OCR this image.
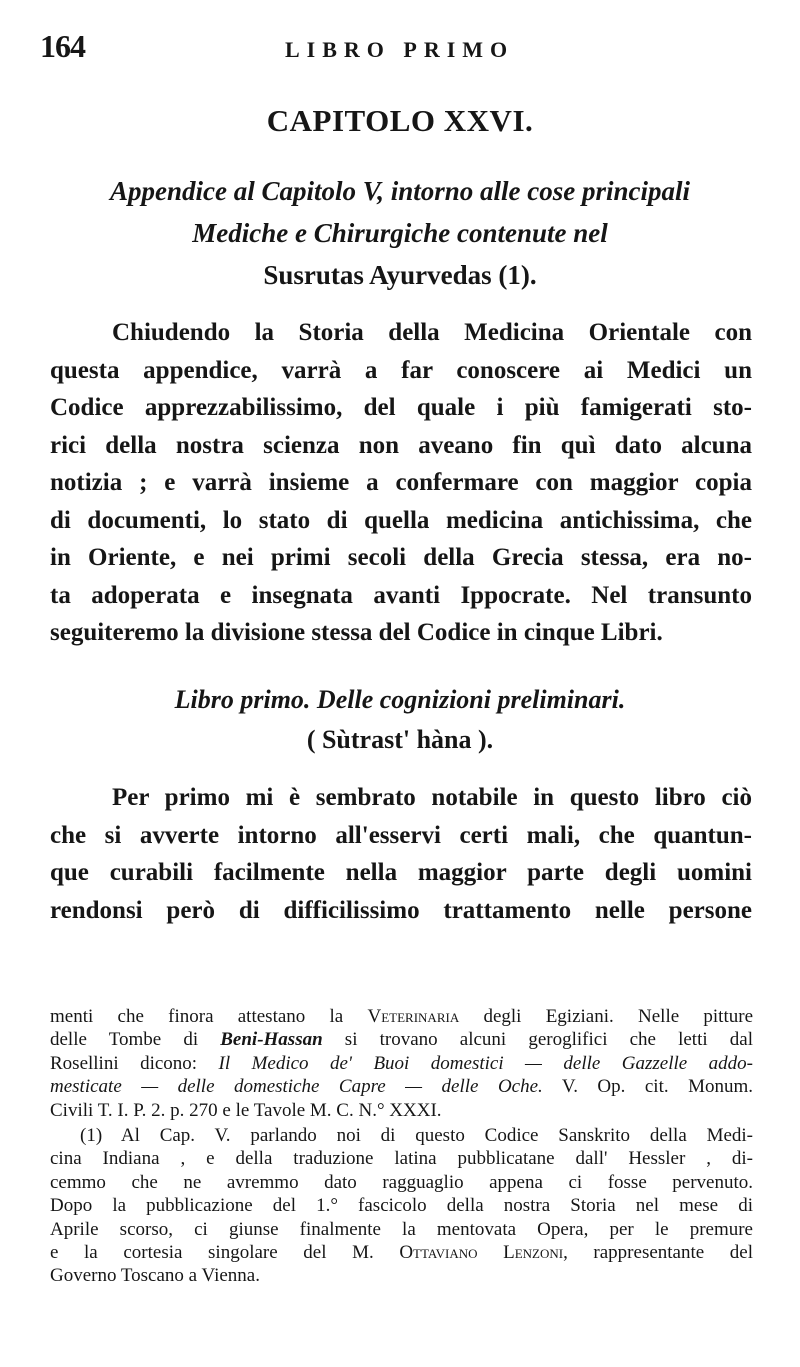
164	LIBRO PRIMO
CAPITOLO XXVI.
Appendice al Capitolo V, intorno alle cose principali
Mediche e Chirurgiche contenute nel
Susrutas Ayurvedas (1).
Chiudendo la Storia della Medicina Orientale con
questa appendice, varrà a far conoscere ai Medici un
Codice apprezzabilissimo, del quale i più famigerati sto-
rici della nostra scienza non aveano fin quì dato alcuna
notizia ; e varrà insieme a confermare con maggior copia
di documenti, lo stato di quella medicina antichissima, che
in Oriente, e nei primi secoli della Grecia stessa, era no-
ta adoperata e insegnata avanti Ippocrate. Nel transunto
seguiteremo la divisione stessa del Codice in cinque Libri.
Libro primo. Delle cognizioni preliminari.
( Sùtrast' hàna ).
Per primo mi è sembrato notabile in questo libro ciò
che si avverte intorno all'esservi certi mali, che quantun-
que curabili facilmente nella maggior parte degli uomini
rendonsi però di difficilissimo trattamento nelle persone
menti che finora attestano la Veterinaria degli Egiziani. Nelle pitture
delle Tombe di Beni-Hassan si trovano alcuni geroglifici che letti dal
Rosellini dicono: Il Medico de' Buoi domestici — delle Gazzelle addo-
mesticate — delle domestiche Capre — delle Oche. V. Op. cit. Monum.
Civili T. I. P. 2. p. 270 e le Tavole M. C. N.° XXXI.
(1) Al Cap. V. parlando noi di questo Codice Sanskrito della Medi-
cina Indiana , e della traduzione latina pubblicatane dall' Hessler , di-
cemmo che ne avremmo dato ragguaglio appena ci fosse pervenuto.
Dopo la pubblicazione del 1.° fascicolo della nostra Storia nel mese di
Aprile scorso, ci giunse finalmente la mentovata Opera, per le premure
e la cortesia singolare del M. Ottaviano Lenzoni, rappresentante del
Governo Toscano a Vienna.
